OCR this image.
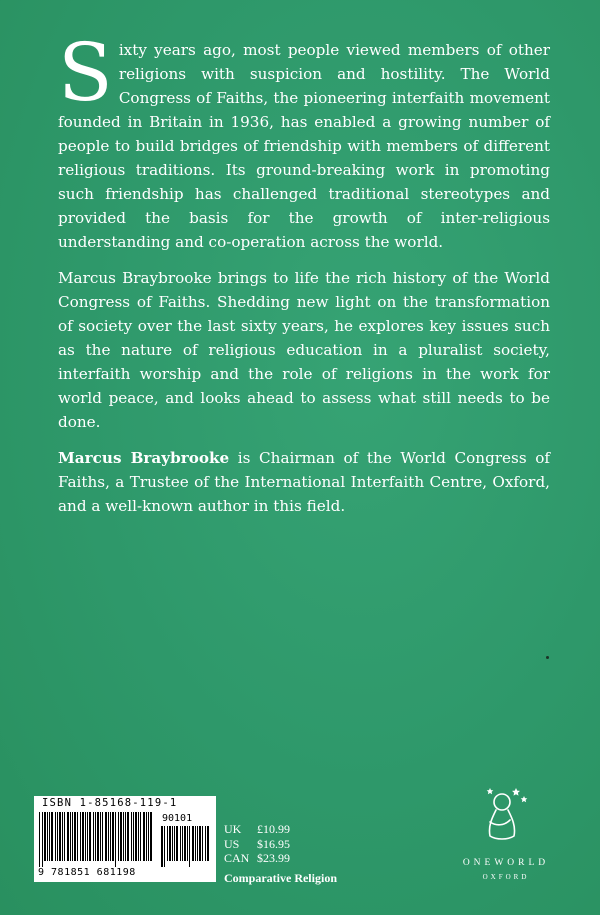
Sixty years ago, most people viewed members of other religions with suspicion and hostility. The World Congress of Faiths, the pioneering interfaith movement founded in Britain in 1936, has enabled a growing number of people to build bridges of friendship with members of different religious traditions. Its ground-breaking work in promoting such friendship has challenged traditional stereotypes and provided the basis for the growth of inter-religious understanding and co-operation across the world.

Marcus Braybrooke brings to life the rich history of the World Congress of Faiths. Shedding new light on the transformation of society over the last sixty years, he explores key issues such as the nature of religious education in a pluralist society, interfaith worship and the role of religions in the work for world peace, and looks ahead to assess what still needs to be done.

Marcus Braybrooke is Chairman of the World Congress of Faiths, a Trustee of the International Interfaith Centre, Oxford, and a well-known author in this field.

ISBN 1-85168-119-1
90101
9 781851 681198
UK	£10.99
US	$16.95
CAN $23.99
Comparative Religion
ONEWORLD
OXFORD
